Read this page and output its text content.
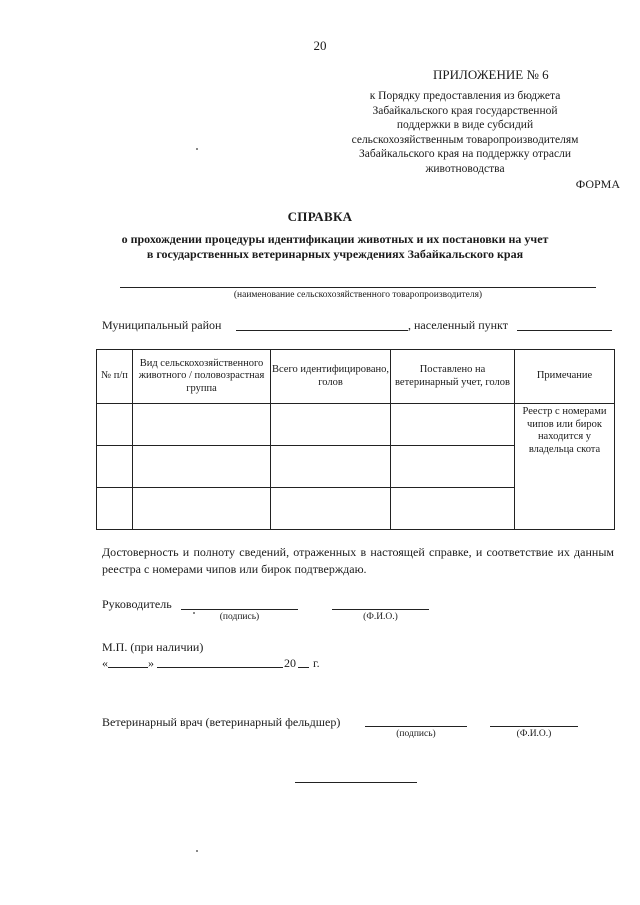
20
ПРИЛОЖЕНИЕ № 6
к Порядку предоставления из бюджета
Забайкальского края государственной
поддержки в виде субсидий
сельскохозяйственным товаропроизводителям
Забайкальского края на поддержку отрасли
животноводства
ФОРМА
СПРАВКА
о прохождении процедуры идентификации животных и их постановки на учет
в государственных ветеринарных учреждениях Забайкальского края
(наименование сельскохозяйственного товаропроизводителя)
Муниципальный район	, населенный пункт
№ п/п	Вид сельскохозяйственного животного / половозрастная группа	Всего идентифицировано, голов	Поставлено на ветеринарный учет, голов	Примечание
				Реестр с номерами чипов или бирок находится у владельца скота

Достоверность и полноту сведений, отраженных в настоящей справке, и соответствие их данным реестра с номерами чипов или бирок подтверждаю.
Руководитель
(подпись)	(Ф.И.О.)
М.П. (при наличии)
«	»	20 г.
Ветеринарный врач (ветеринарный фельдшер)
(подпись)	(Ф.И.О.)
